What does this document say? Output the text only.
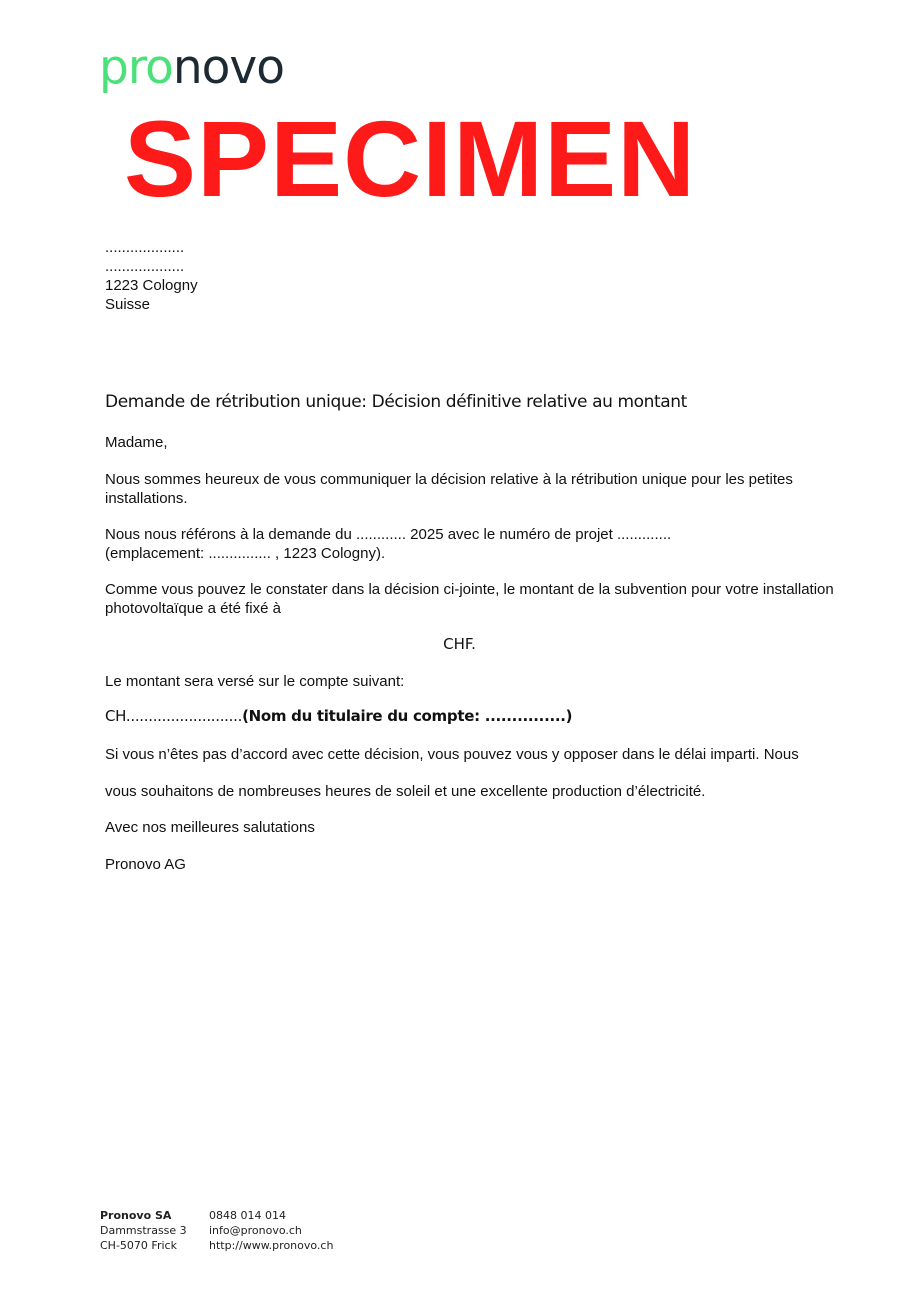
pronovo
SPECIMEN
...................
...................
1223 Cologny
Suisse
Demande de rétribution unique: Décision définitive relative au montant
Madame,
Nous sommes heureux de vous communiquer la décision relative à la rétribution unique pour les petites installations.
Nous nous référons à la demande du ............ 2025 avec le numéro de projet .............
(emplacement: ............... , 1223 Cologny).
Comme vous pouvez le constater dans la décision ci-jointe, le montant de la subvention pour votre installation photovoltaïque a été fixé à
CHF.
Le montant sera versé sur le compte suivant:
CH..........................(Nom du titulaire du compte: ...............)
Si vous n’êtes pas d’accord avec cette décision, vous pouvez vous y opposer dans le délai imparti. Nous
vous souhaitons de nombreuses heures de soleil et une excellente production d’électricité.
Avec nos meilleures salutations
Pronovo AG
Pronovo SA
Dammstrasse 3
CH-5070 Frick
0848 014 014
info@pronovo.ch
http://www.pronovo.ch
